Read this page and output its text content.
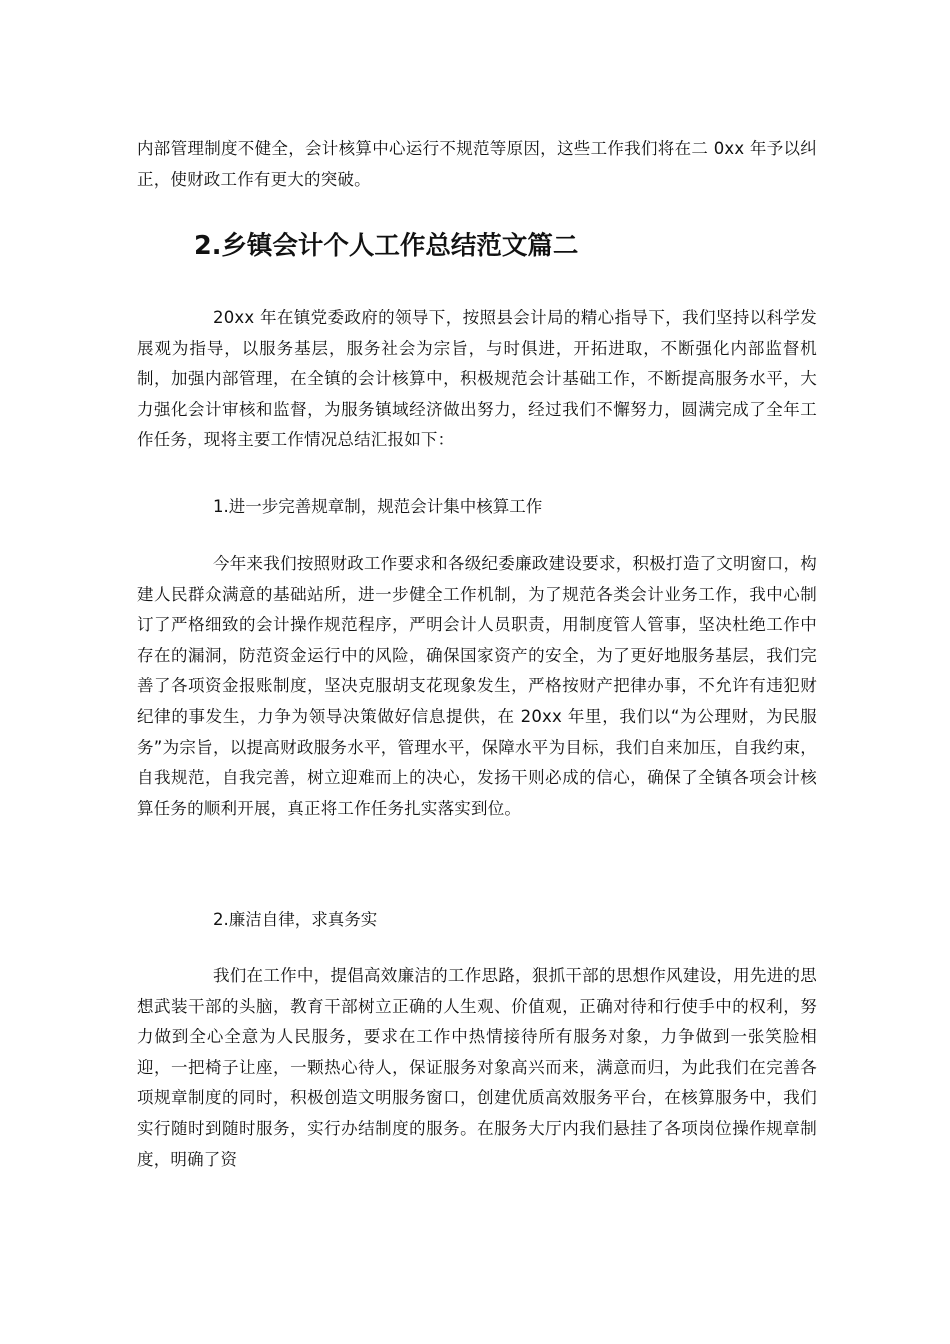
内部管理制度不健全，会计核算中心运行不规范等原因，这些工作我们将在二 0xx 年予以纠正，使财政工作有更大的突破。

2.乡镇会计个人工作总结范文篇二

20xx 年在镇党委政府的领导下，按照县会计局的精心指导下，我们坚持以科学发展观为指导，以服务基层，服务社会为宗旨，与时俱进，开拓进取，不断强化内部监督机制，加强内部管理，在全镇的会计核算中，积极规范会计基础工作，不断提高服务水平，大力强化会计审核和监督，为服务镇域经济做出努力，经过我们不懈努力，圆满完成了全年工作任务，现将主要工作情况总结汇报如下：

1.进一步完善规章制，规范会计集中核算工作

今年来我们按照财政工作要求和各级纪委廉政建设要求，积极打造了文明窗口，构建人民群众满意的基础站所，进一步健全工作机制，为了规范各类会计业务工作，我中心制订了严格细致的会计操作规范程序，严明会计人员职责，用制度管人管事，坚决杜绝工作中存在的漏洞，防范资金运行中的风险，确保国家资产的安全，为了更好地服务基层，我们完善了各项资金报账制度，坚决克服胡支花现象发生，严格按财产把律办事，不允许有违犯财纪律的事发生，力争为领导决策做好信息提供，在 20xx 年里，我们以“为公理财，为民服务”为宗旨，以提高财政服务水平，管理水平，保障水平为目标，我们自来加压，自我约束，自我规范，自我完善，树立迎难而上的决心，发扬干则必成的信心，确保了全镇各项会计核算任务的顺利开展，真正将工作任务扎实落实到位。

2.廉洁自律，求真务实

我们在工作中，提倡高效廉洁的工作思路，狠抓干部的思想作风建设，用先进的思想武装干部的头脑，教育干部树立正确的人生观、价值观，正确对待和行使手中的权利，努力做到全心全意为人民服务，要求在工作中热情接待所有服务对象，力争做到一张笑脸相迎，一把椅子让座，一颗热心待人，保证服务对象高兴而来，满意而归，为此我们在完善各项规章制度的同时，积极创造文明服务窗口，创建优质高效服务平台，在核算服务中，我们实行随时到随时服务，实行办结制度的服务。在服务大厅内我们悬挂了各项岗位操作规章制度，明确了资
